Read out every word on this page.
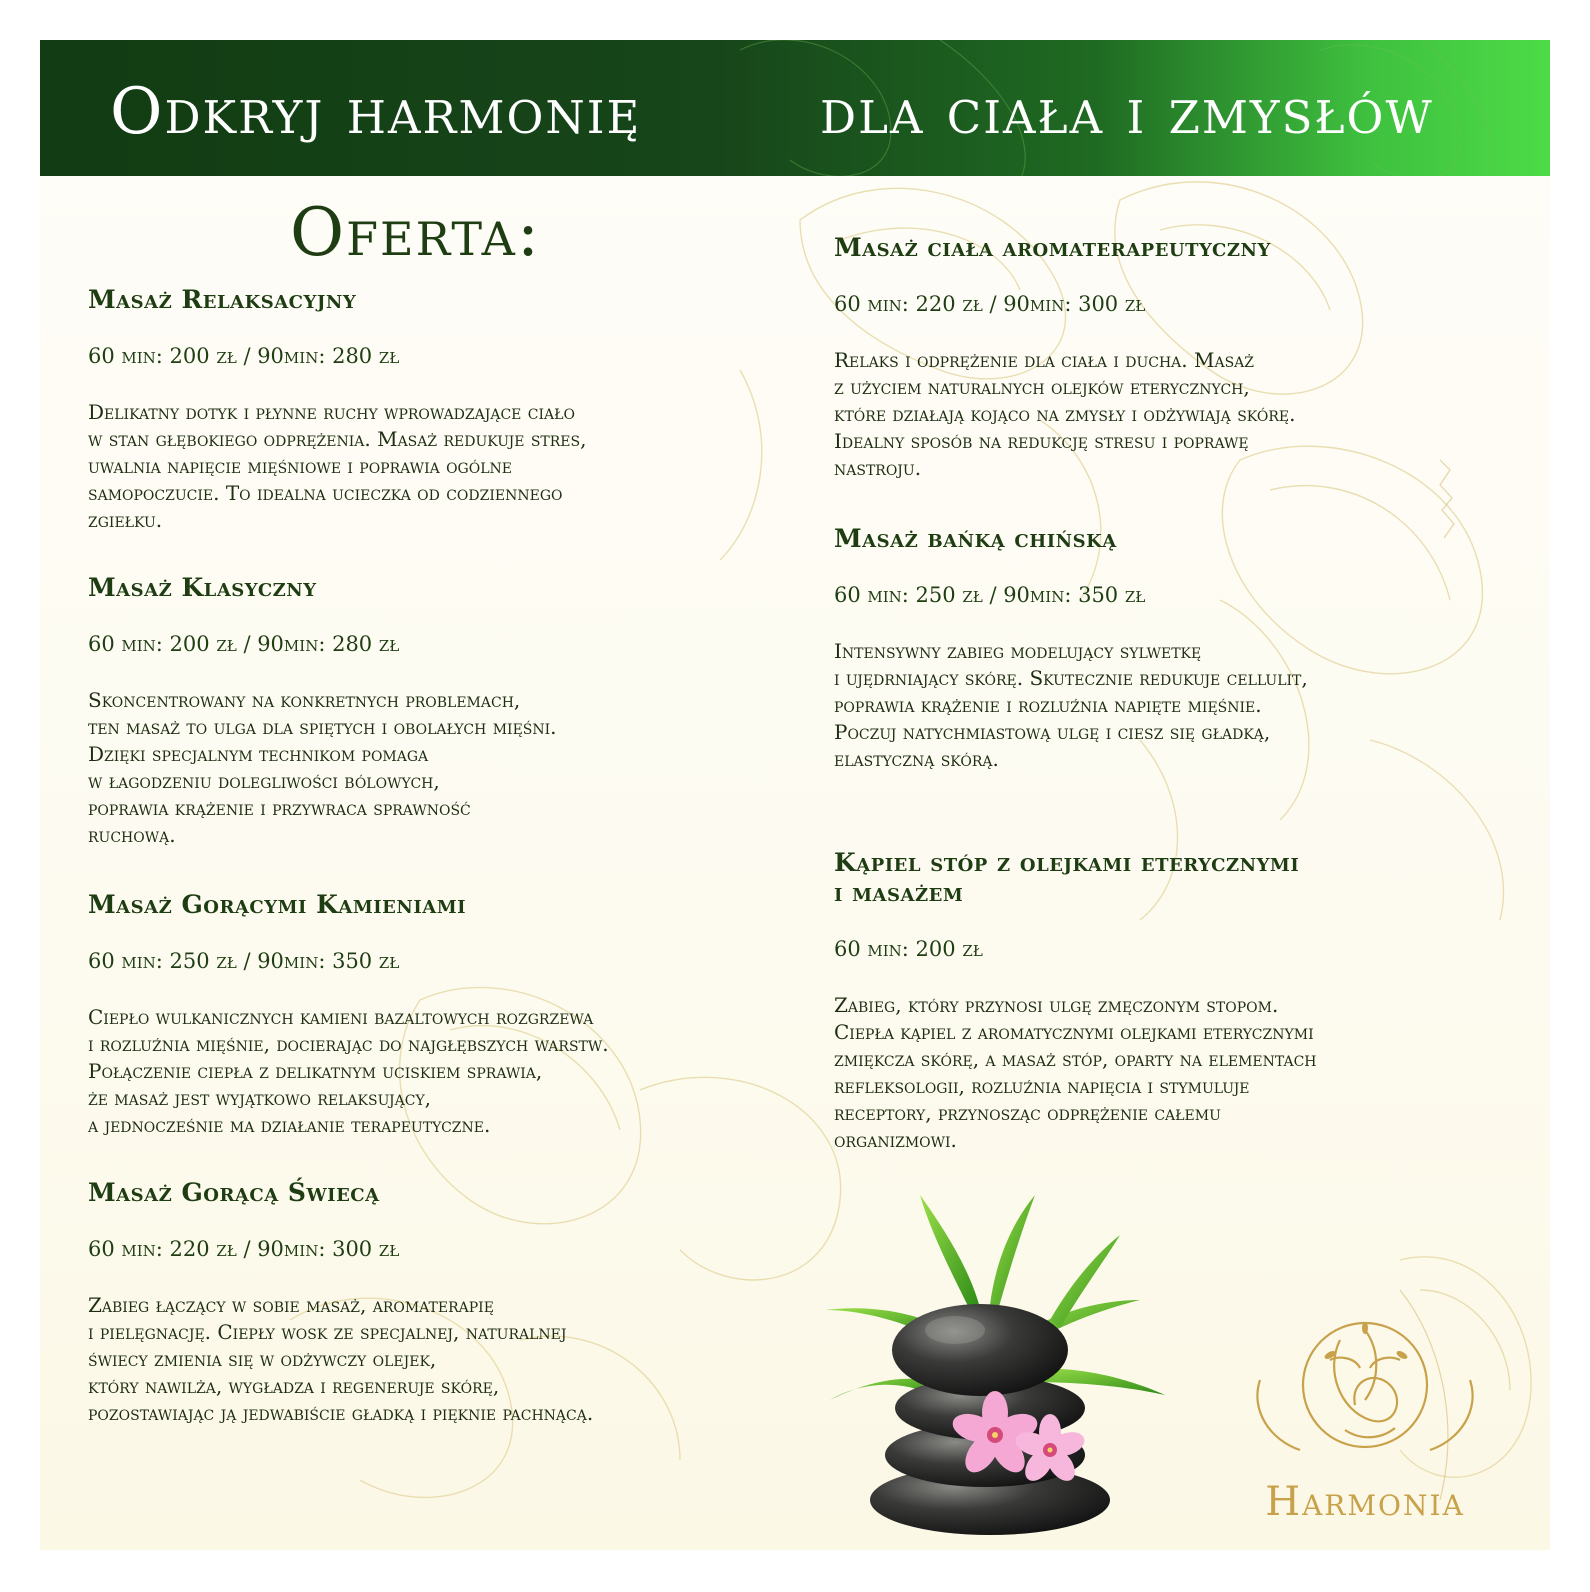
Odkryj harmonię	dla ciała i zmysłów
Oferta:
Masaż Relaksacyjny

60 min: 200 zł / 90min: 280 zł

Delikatny dotyk i płynne ruchy wprowadzające ciało
w stan głębokiego odprężenia. Masaż redukuje stres,
uwalnia napięcie mięśniowe i poprawia ogólne
samopoczucie. To idealna ucieczka od codziennego
zgiełku.

Masaż Klasyczny

60 min: 200 zł / 90min: 280 zł

Skoncentrowany na konkretnych problemach,
ten masaż to ulga dla spiętych i obolałych mięśni.
Dzięki specjalnym technikom pomaga
w łagodzeniu dolegliwości bólowych,
poprawia krążenie i przywraca sprawność
ruchową.

Masaż Gorącymi Kamieniami

60 min: 250 zł / 90min: 350 zł

Ciepło wulkanicznych kamieni bazaltowych rozgrzewa
i rozluźnia mięśnie, docierając do najgłębszych warstw.
Połączenie ciepła z delikatnym uciskiem sprawia,
że masaż jest wyjątkowo relaksujący,
a jednocześnie ma działanie terapeutyczne.

Masaż Gorącą Świecą

60 min: 220 zł / 90min: 300 zł

Zabieg łączący w sobie masaż, aromaterapię
i pielęgnację. Ciepły wosk ze specjalnej, naturalnej
świecy zmienia się w odżywczy olejek,
który nawilża, wygładza i regeneruje skórę,
pozostawiając ją jedwabiście gładką i pięknie pachnącą.

Masaż ciała aromaterapeutyczny

60 min: 220 zł / 90min: 300 zł

Relaks i odprężenie dla ciała i ducha. Masaż
z użyciem naturalnych olejków eterycznych,
które działają kojąco na zmysły i odżywiają skórę.
Idealny sposób na redukcję stresu i poprawę
nastroju.

Masaż bańką chińską

60 min: 250 zł / 90min: 350 zł

Intensywny zabieg modelujący sylwetkę
i ujędrniający skórę. Skutecznie redukuje cellulit,
poprawia krążenie i rozluźnia napięte mięśnie.
Poczuj natychmiastową ulgę i ciesz się gładką,
elastyczną skórą.

Kąpiel stóp z olejkami eterycznymi
i masażem

60 min: 200 zł

Zabieg, który przynosi ulgę zmęczonym stopom.
Ciepła kąpiel z aromatycznymi olejkami eterycznymi
zmiękcza skórę, a masaż stóp, oparty na elementach
refleksologii, rozluźnia napięcia i stymuluje
receptory, przynosząc odprężenie całemu
organizmowi.

Harmonia
